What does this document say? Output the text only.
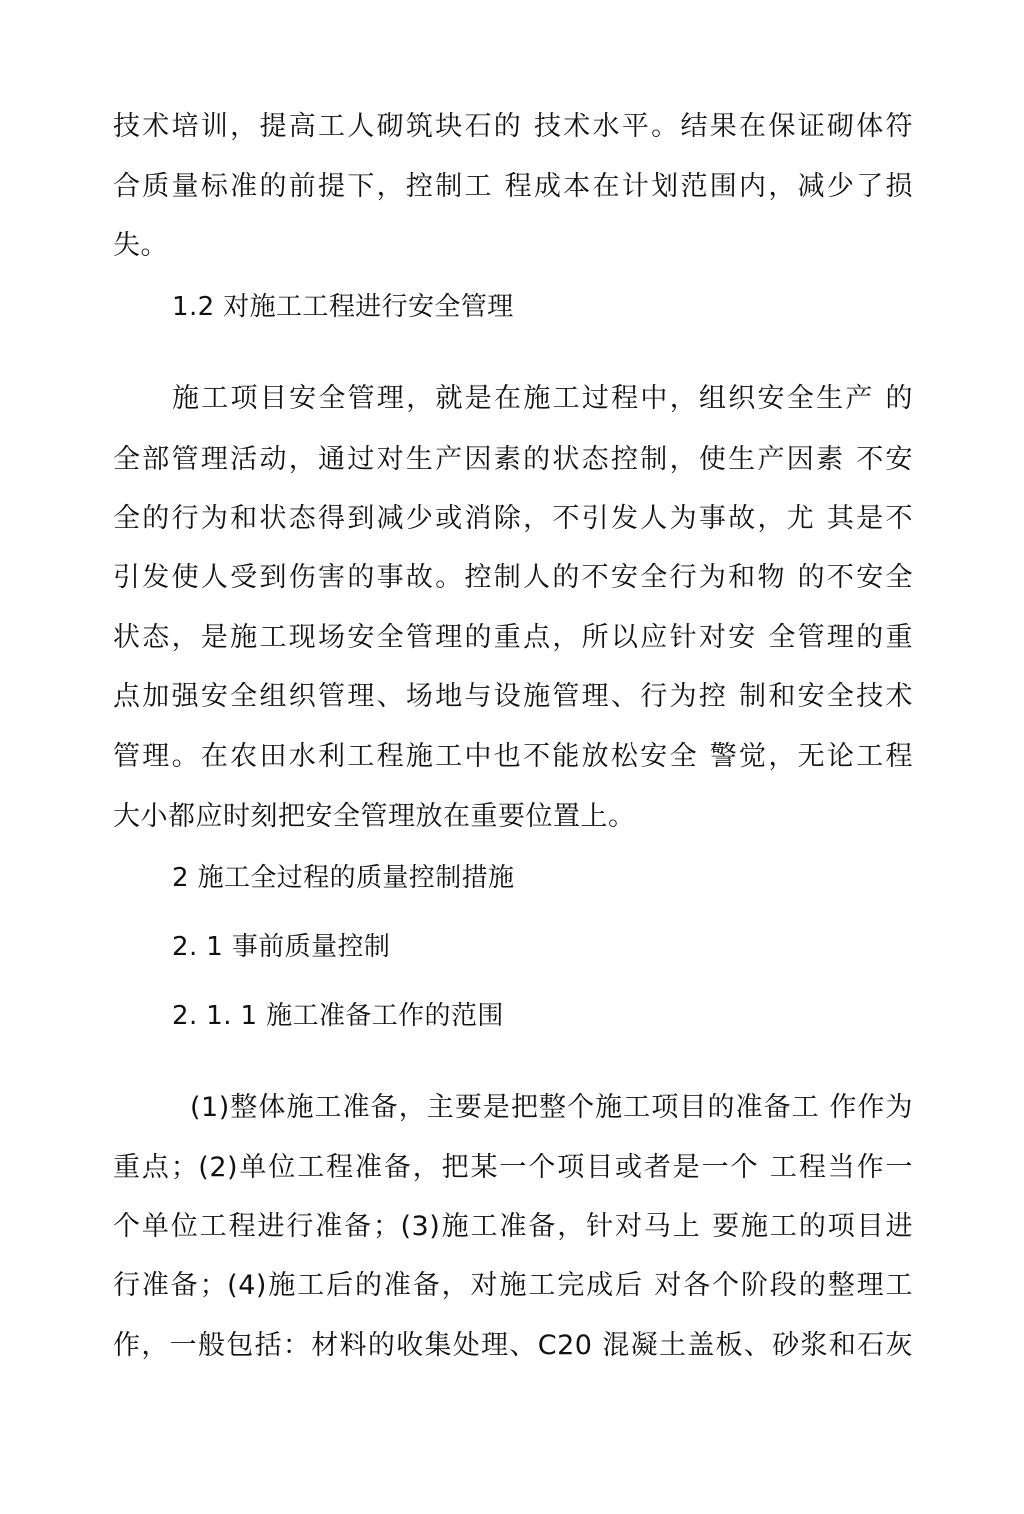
技术培训，提高工人砌筑块石的 技术水平。结果在保证砌体符
合质量标准的前提下，控制工 程成本在计划范围内，减少了损
失。
1.2 对施工工程进行安全管理
施工项目安全管理，就是在施工过程中，组织安全生产 的
全部管理活动，通过对生产因素的状态控制，使生产因素 不安
全的行为和状态得到减少或消除，不引发人为事故，尤 其是不
引发使人受到伤害的事故。控制人的不安全行为和物 的不安全
状态，是施工现场安全管理的重点，所以应针对安 全管理的重
点加强安全组织管理、场地与设施管理、行为控 制和安全技术
管理。在农田水利工程施工中也不能放松安全 警觉，无论工程
大小都应时刻把安全管理放在重要位置上。
2 施工全过程的质量控制措施
2. 1 事前质量控制
2. 1. 1 施工准备工作的范围
(1)整体施工准备，主要是把整个施工项目的准备工 作作为
重点；(2)单位工程准备，把某一个项目或者是一个 工程当作一
个单位工程进行准备；(3)施工准备，针对马上 要施工的项目进
行准备；(4)施工后的准备，对施工完成后 对各个阶段的整理工
作，一般包括：材料的收集处理、C20 混凝土盖板、砂浆和石灰
